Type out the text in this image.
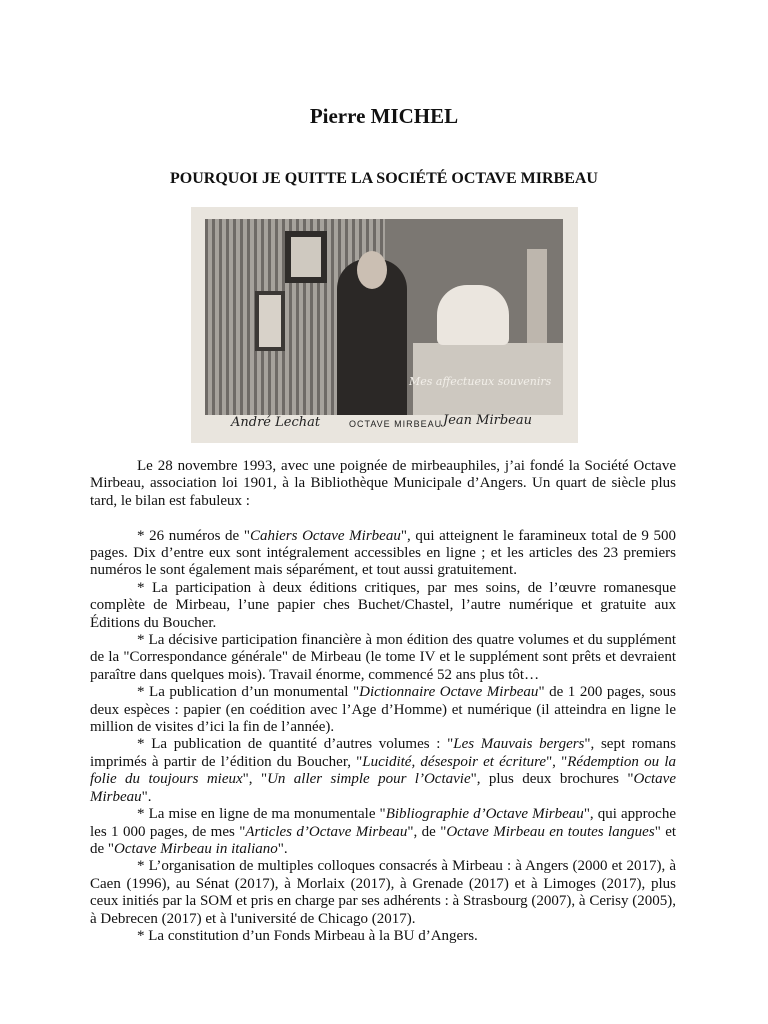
Pierre MICHEL
POURQUOI JE QUITTE LA SOCIÉTÉ OCTAVE MIRBEAU
André Lechat	OCTAVE MIRBEAU Jean Mirbeau
Mes affectueux souvenirs

Le 28 novembre 1993, avec une poignée de mirbeauphiles, j’ai fondé la Société Octave Mirbeau, association loi 1901, à la Bibliothèque Municipale d’Angers. Un quart de siècle plus tard, le bilan est fabuleux :

* 26 numéros de "Cahiers Octave Mirbeau", qui atteignent le faramineux total de 9 500 pages. Dix d’entre eux sont intégralement accessibles en ligne ; et les articles des 23 premiers numéros le sont également mais séparément, et tout aussi gratuitement.

* La participation à deux éditions critiques, par mes soins, de l’œuvre romanesque complète de Mirbeau, l’une papier ches Buchet/Chastel, l’autre numérique et gratuite aux Éditions du Boucher.

* La décisive participation financière à mon édition des quatre volumes et du supplément de la "Correspondance générale" de Mirbeau (le tome IV et le supplément sont prêts et devraient paraître dans quelques mois). Travail énorme, commencé 52 ans plus tôt…

* La publication d’un monumental "Dictionnaire Octave Mirbeau" de 1 200 pages, sous deux espèces : papier (en coédition avec l’Age d’Homme) et numérique (il atteindra en ligne le million de visites d’ici la fin de l’année).

* La publication de quantité d’autres volumes : "Les Mauvais bergers", sept romans imprimés à partir de l’édition du Boucher, "Lucidité, désespoir et écriture", "Rédemption ou la folie du toujours mieux", "Un aller simple pour l’Octavie", plus deux brochures "Octave Mirbeau".

* La mise en ligne de ma monumentale "Bibliographie d’Octave Mirbeau", qui approche les 1 000 pages, de mes "Articles d’Octave Mirbeau", de "Octave Mirbeau en toutes langues" et de "Octave Mirbeau in italiano".

* L’organisation de multiples colloques consacrés à Mirbeau : à Angers (2000 et 2017), à Caen (1996), au Sénat (2017), à Morlaix (2017), à Grenade (2017) et à Limoges (2017), plus ceux initiés par la SOM et pris en charge par ses adhérents : à Strasbourg (2007), à Cerisy (2005), à Debrecen (2017) et à l'université de Chicago (2017).

* La constitution d’un Fonds Mirbeau à la BU d’Angers.
